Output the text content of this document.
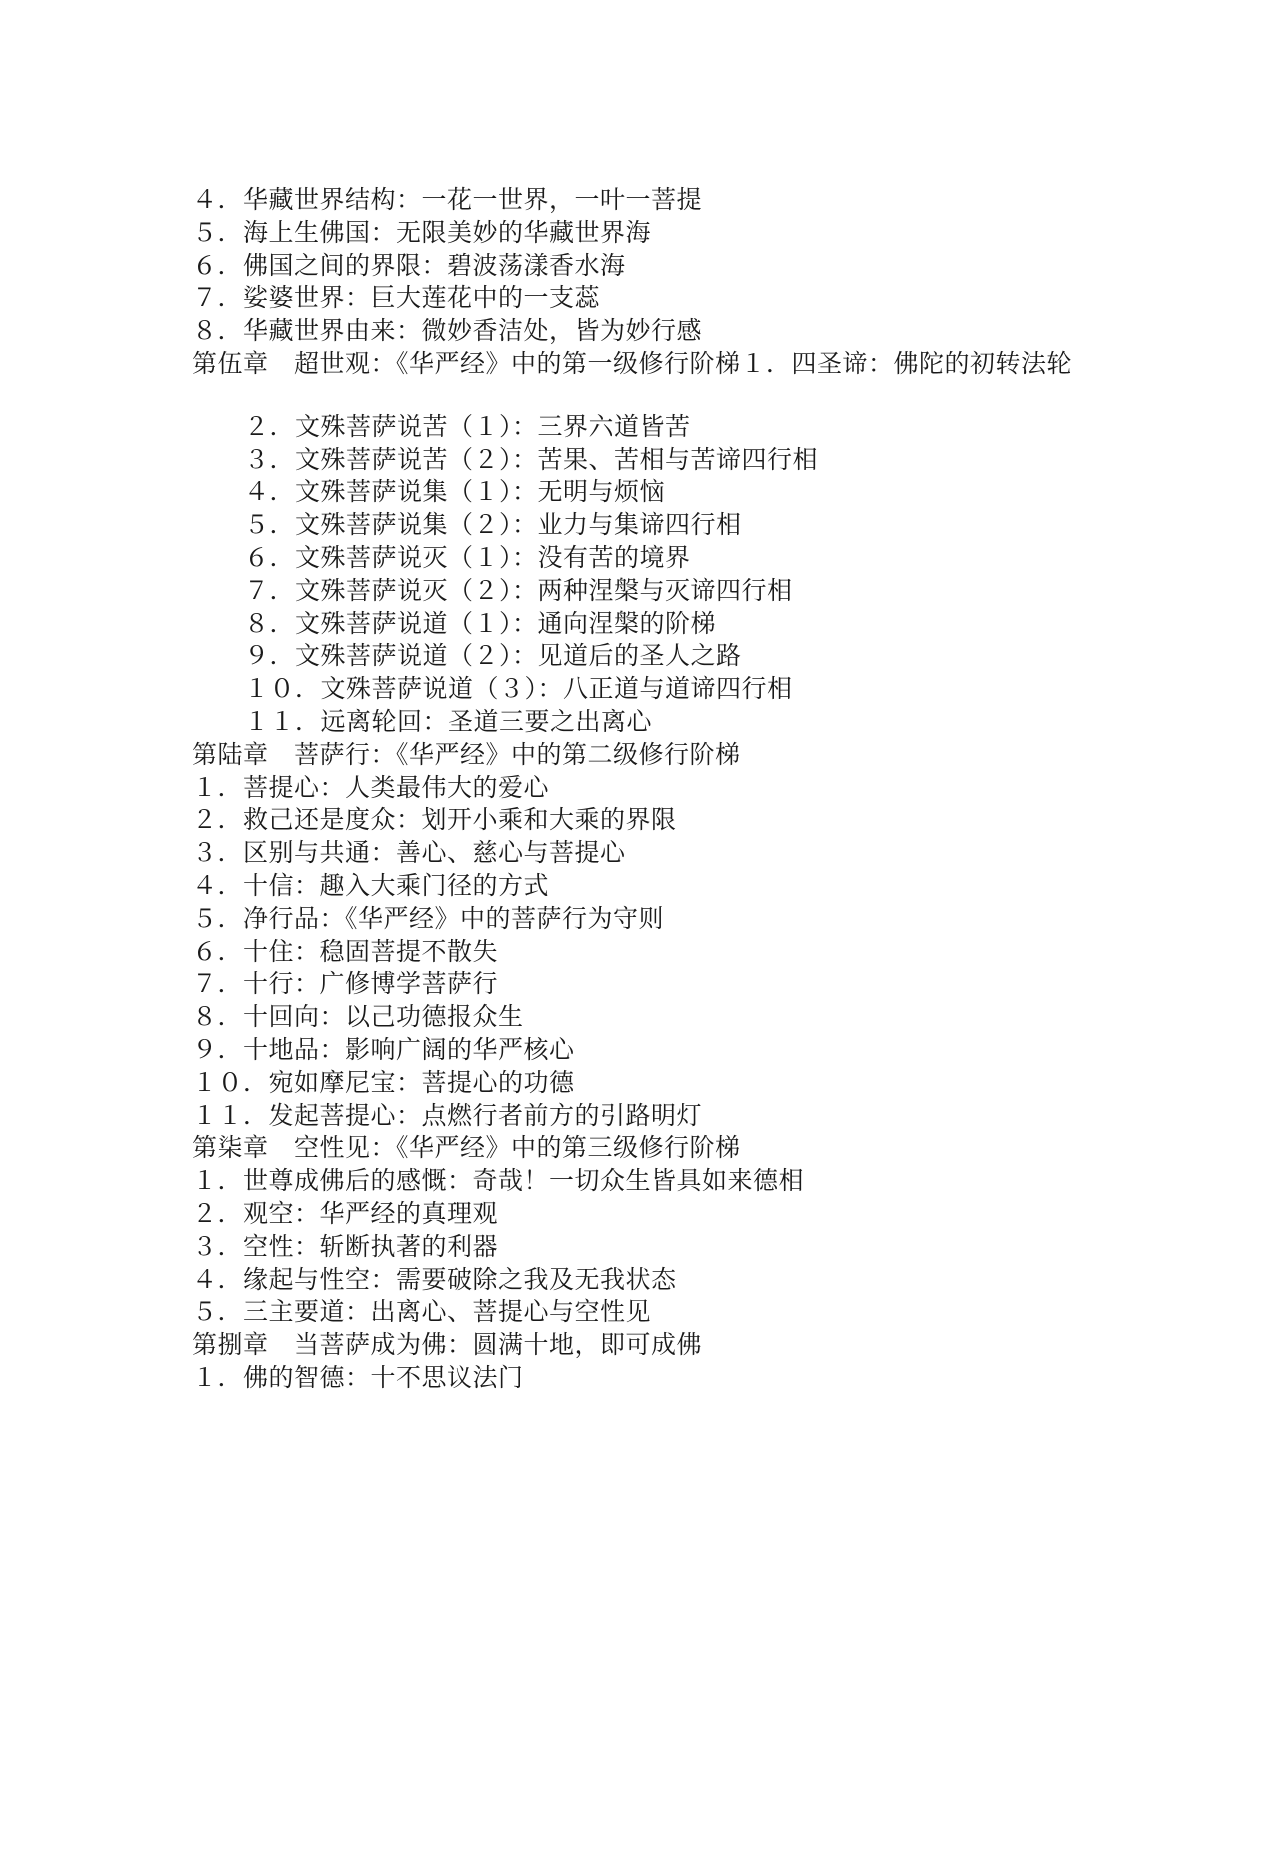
４．华藏世界结构：一花一世界，一叶一菩提
５．海上生佛国：无限美妙的华藏世界海
６．佛国之间的界限：碧波荡漾香水海
７．娑婆世界：巨大莲花中的一支蕊
８．华藏世界由来：微妙香洁处，皆为妙行感
第伍章　超世观：《华严经》中的第一级修行阶梯１．四圣谛：佛陀的初转法轮
２．文殊菩萨说苦（１）：三界六道皆苦
３．文殊菩萨说苦（２）：苦果、苦相与苦谛四行相
４．文殊菩萨说集（１）：无明与烦恼
５．文殊菩萨说集（２）：业力与集谛四行相
６．文殊菩萨说灭（１）：没有苦的境界
７．文殊菩萨说灭（２）：两种涅槃与灭谛四行相
８．文殊菩萨说道（１）：通向涅槃的阶梯
９．文殊菩萨说道（２）：见道后的圣人之路
１０．文殊菩萨说道（３）：八正道与道谛四行相
１１．远离轮回：圣道三要之出离心
第陆章　菩萨行：《华严经》中的第二级修行阶梯
１．菩提心：人类最伟大的爱心
２．救己还是度众：划开小乘和大乘的界限
３．区别与共通：善心、慈心与菩提心
４．十信：趣入大乘门径的方式
５．净行品：《华严经》中的菩萨行为守则
６．十住：稳固菩提不散失
７．十行：广修博学菩萨行
８．十回向：以己功德报众生
９．十地品：影响广阔的华严核心
１０．宛如摩尼宝：菩提心的功德
１１．发起菩提心：点燃行者前方的引路明灯
第柒章　空性见：《华严经》中的第三级修行阶梯
１．世尊成佛后的感慨：奇哉！一切众生皆具如来德相
２．观空：华严经的真理观
３．空性：斩断执著的利器
４．缘起与性空：需要破除之我及无我状态
５．三主要道：出离心、菩提心与空性见
第捌章　当菩萨成为佛：圆满十地，即可成佛
１．佛的智德：十不思议法门
